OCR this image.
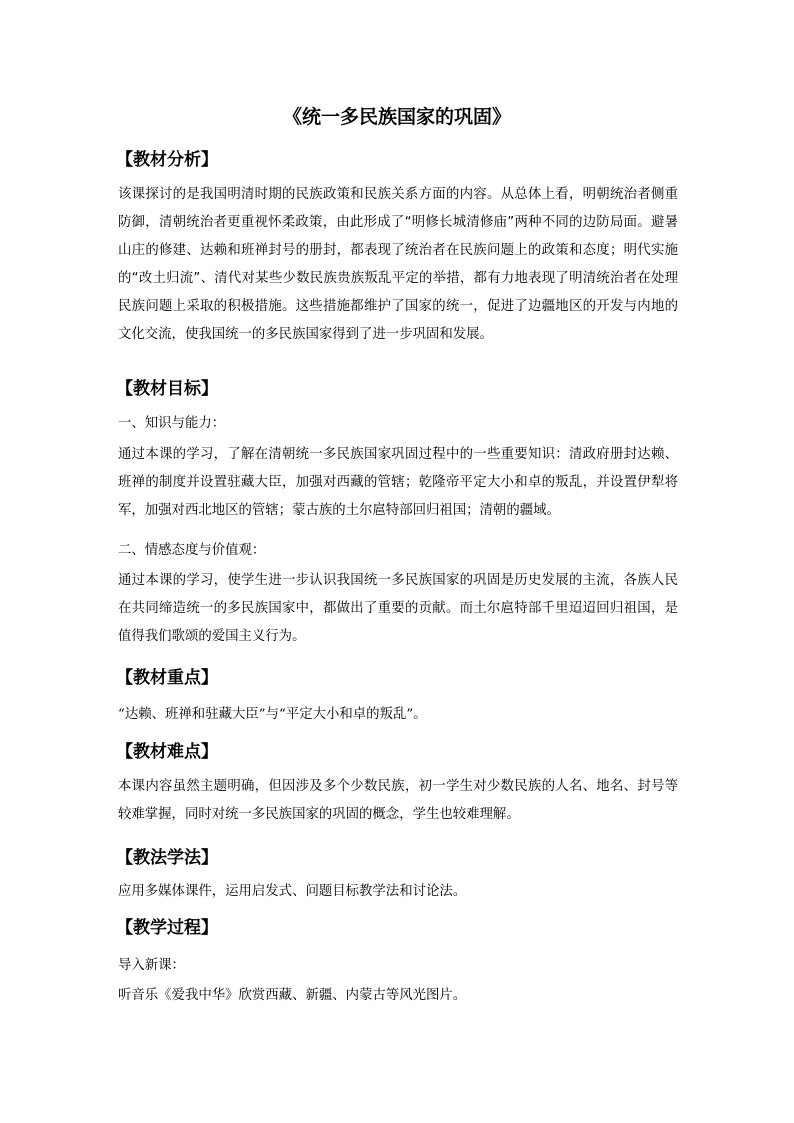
《统一多民族国家的巩固》
【教材分析】

该课探讨的是我国明清时期的民族政策和民族关系方面的内容。从总体上看，明朝统治者侧重防御，清朝统治者更重视怀柔政策，由此形成了“明修长城清修庙”两种不同的边防局面。避暑山庄的修建、达赖和班禅封号的册封，都表现了统治者在民族问题上的政策和态度；明代实施的“改土归流”、清代对某些少数民族贵族叛乱平定的举措，都有力地表现了明清统治者在处理民族问题上采取的积极措施。这些措施都维护了国家的统一，促进了边疆地区的开发与内地的文化交流，使我国统一的多民族国家得到了进一步巩固和发展。

【教材目标】

一、知识与能力：

通过本课的学习，了解在清朝统一多民族国家巩固过程中的一些重要知识：清政府册封达赖、班禅的制度并设置驻藏大臣，加强对西藏的管辖；乾隆帝平定大小和卓的叛乱，并设置伊犁将军，加强对西北地区的管辖；蒙古族的土尔扈特部回归祖国；清朝的疆域。

二、情感态度与价值观：

通过本课的学习，使学生进一步认识我国统一多民族国家的巩固是历史发展的主流，各族人民在共同缔造统一的多民族国家中，都做出了重要的贡献。而土尔扈特部千里迢迢回归祖国，是值得我们歌颂的爱国主义行为。

【教材重点】

“达赖、班禅和驻藏大臣”与“平定大小和卓的叛乱”。

【教材难点】

本课内容虽然主题明确，但因涉及多个少数民族，初一学生对少数民族的人名、地名、封号等较难掌握，同时对统一多民族国家的巩固的概念，学生也较难理解。

【教法学法】

应用多媒体课件，运用启发式、问题目标教学法和讨论法。

【教学过程】

导入新课：

听音乐《爱我中华》欣赏西藏、新疆、内蒙古等风光图片。
